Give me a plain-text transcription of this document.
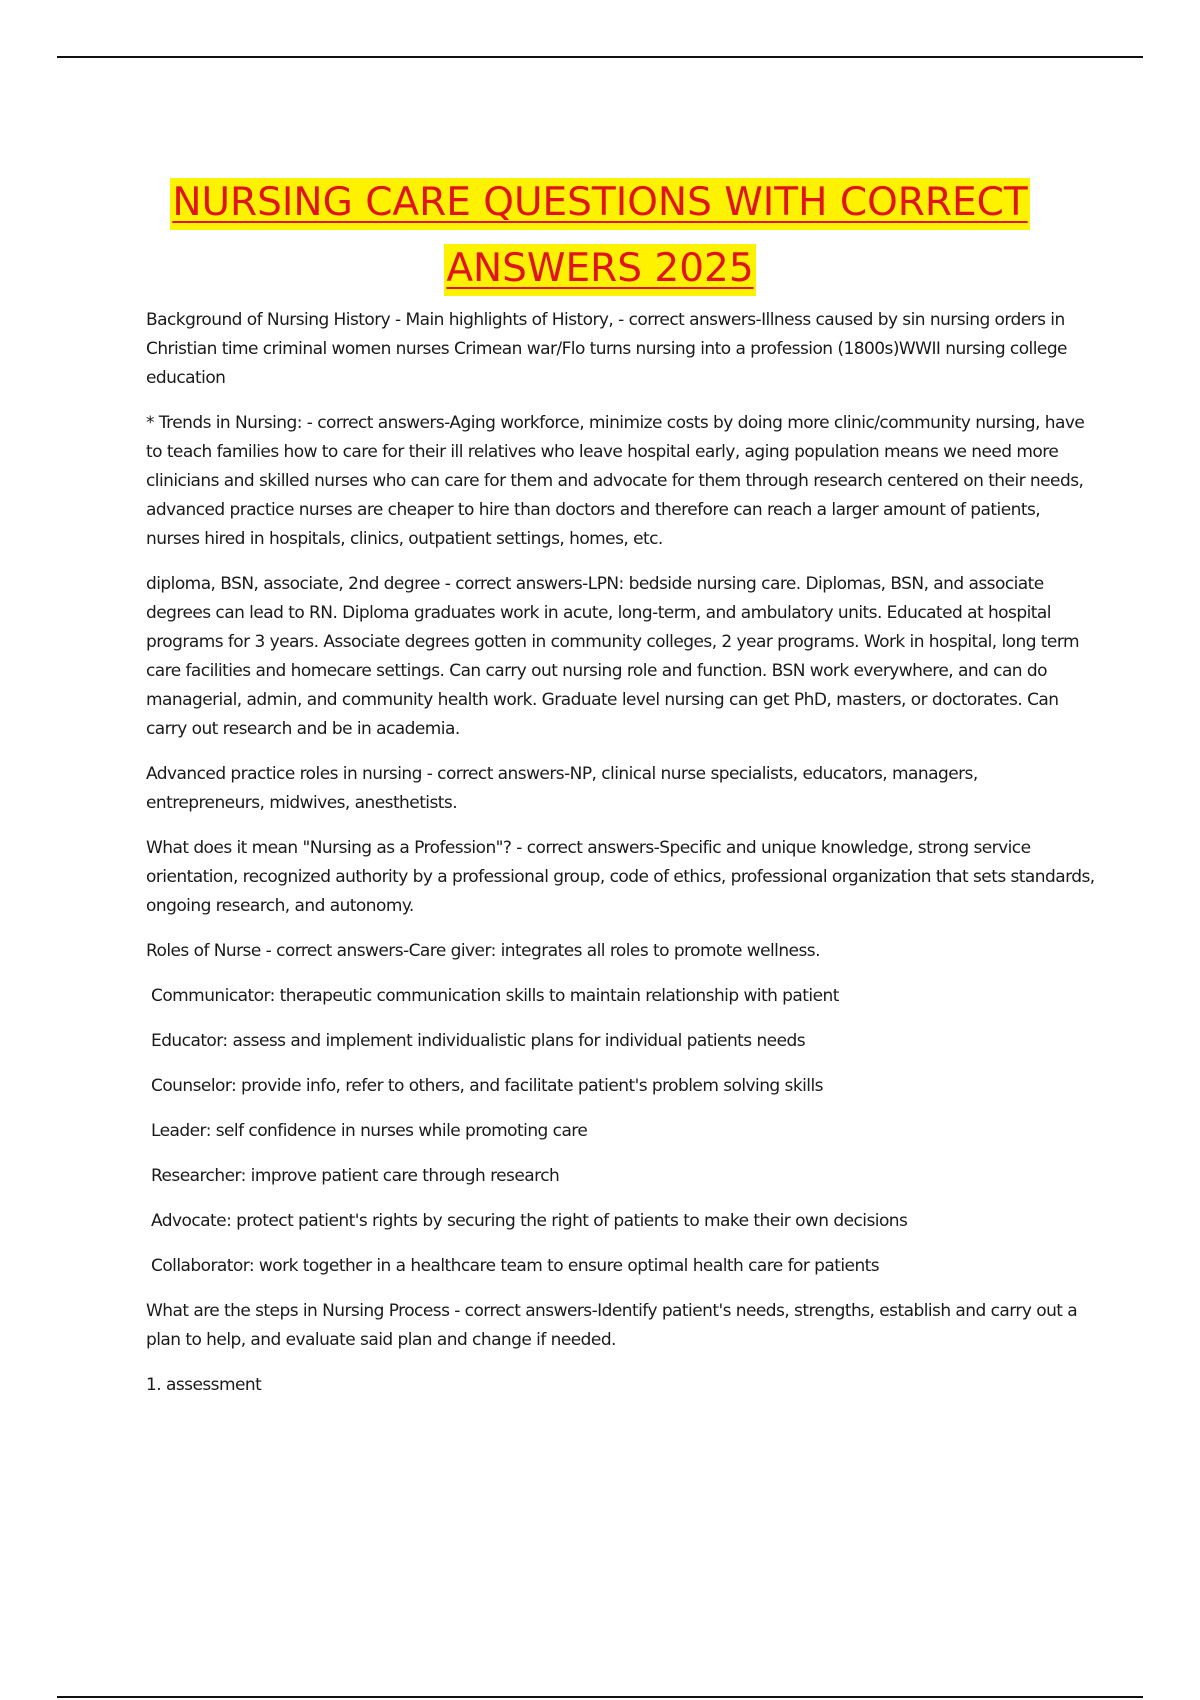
NURSING CARE QUESTIONS WITH CORRECT
ANSWERS 2025

Background of Nursing History - Main highlights of History, - correct answers-Illness caused by sin nursing orders in Christian time criminal women nurses Crimean war/Flo turns nursing into a profession (1800s)WWII nursing college education

* Trends in Nursing: - correct answers-Aging workforce, minimize costs by doing more clinic/community nursing, have to teach families how to care for their ill relatives who leave hospital early, aging population means we need more clinicians and skilled nurses who can care for them and advocate for them through research centered on their needs, advanced practice nurses are cheaper to hire than doctors and therefore can reach a larger amount of patients, nurses hired in hospitals, clinics, outpatient settings, homes, etc.

diploma, BSN, associate, 2nd degree - correct answers-LPN: bedside nursing care. Diplomas, BSN, and associate degrees can lead to RN. Diploma graduates work in acute, long-term, and ambulatory units. Educated at hospital programs for 3 years. Associate degrees gotten in community colleges, 2 year programs. Work in hospital, long term care facilities and homecare settings. Can carry out nursing role and function. BSN work everywhere, and can do managerial, admin, and community health work. Graduate level nursing can get PhD, masters, or doctorates. Can carry out research and be in academia.

Advanced practice roles in nursing - correct answers-NP, clinical nurse specialists, educators, managers, entrepreneurs, midwives, anesthetists.

What does it mean "Nursing as a Profession"? - correct answers-Specific and unique knowledge, strong service orientation, recognized authority by a professional group, code of ethics, professional organization that sets standards, ongoing research, and autonomy.

Roles of Nurse - correct answers-Care giver: integrates all roles to promote wellness.

Communicator: therapeutic communication skills to maintain relationship with patient

Educator: assess and implement individualistic plans for individual patients needs

Counselor: provide info, refer to others, and facilitate patient's problem solving skills

Leader: self confidence in nurses while promoting care

Researcher: improve patient care through research

Advocate: protect patient's rights by securing the right of patients to make their own decisions

Collaborator: work together in a healthcare team to ensure optimal health care for patients

What are the steps in Nursing Process - correct answers-Identify patient's needs, strengths, establish and carry out a plan to help, and evaluate said plan and change if needed.

1. assessment
